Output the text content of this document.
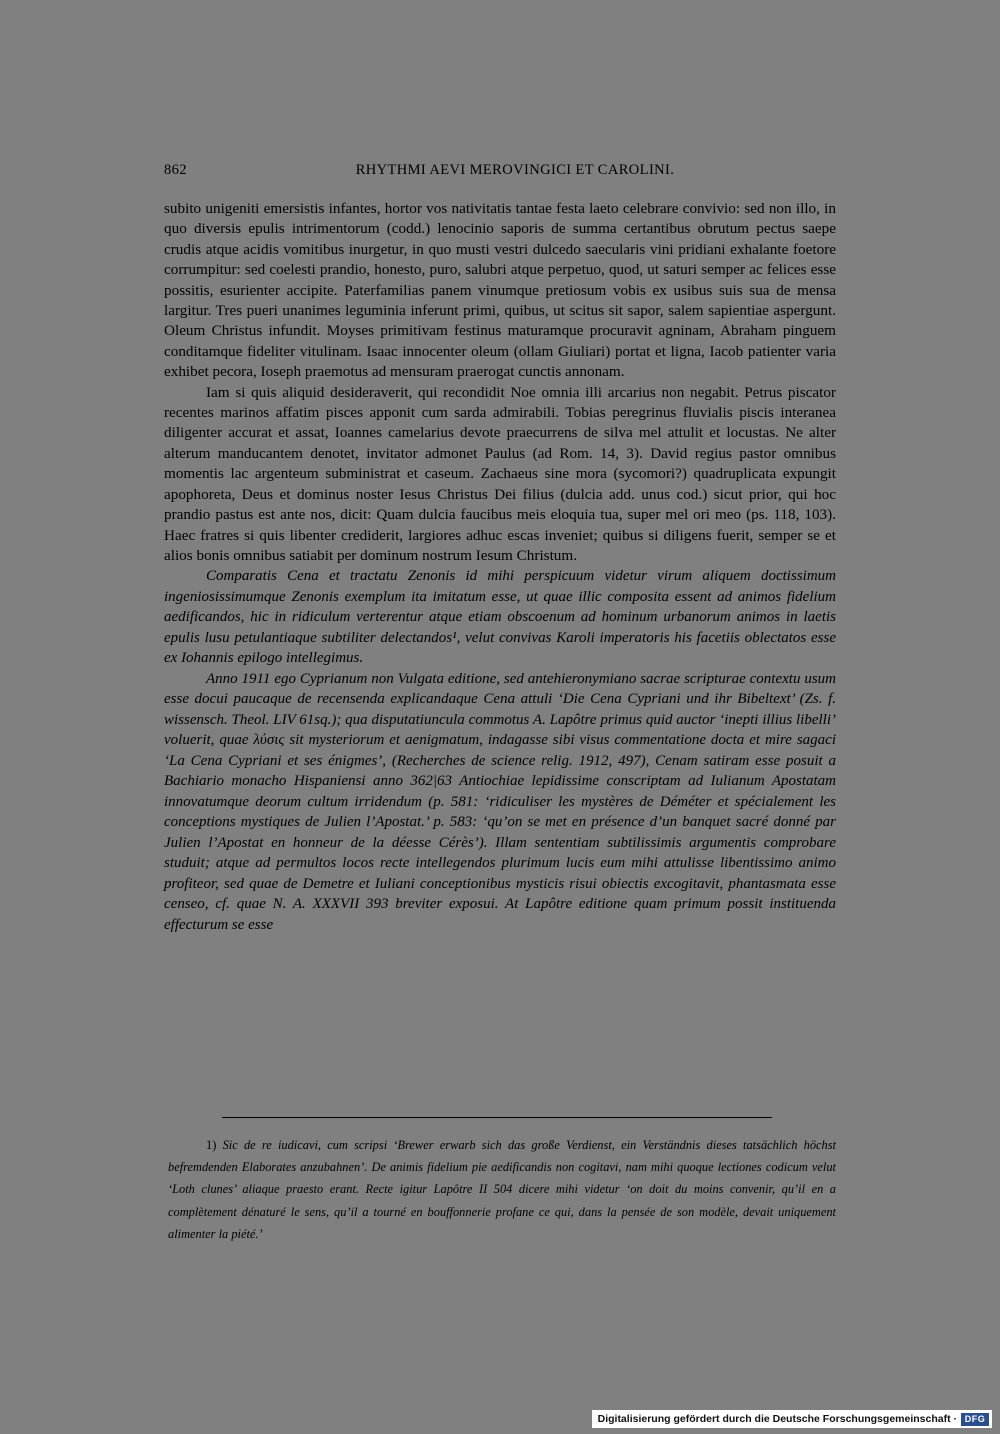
862	RHYTHMI AEVI MEROVINGICI ET CAROLINI.

subito unigeniti emersistis infantes, hortor vos nativitatis tantae festa laeto celebrare convivio: sed non illo, in quo diversis epulis intrimentorum (codd.) lenocinio saporis de summa certantibus obrutum pectus saepe crudis atque acidis vomitibus inurgetur, in quo musti vestri dulcedo saecularis vini pridiani exhalante foetore corrumpitur: sed coelesti prandio, honesto, puro, salubri atque perpetuo, quod, ut saturi semper ac felices esse possitis, esurienter accipite. Paterfamilias panem vinumque pretiosum vobis ex usibus suis sua de mensa largitur. Tres pueri unanimes leguminia inferunt primi, quibus, ut scitus sit sapor, salem sapientiae aspergunt. Oleum Christus infundit. Moyses primitivam festinus maturamque procuravit agninam, Abraham pinguem conditamque fideliter vitulinam. Isaac innocenter oleum (ollam Giuliari) portat et ligna, Iacob patienter varia exhibet pecora, Ioseph praemotus ad mensuram praerogat cunctis annonam.

Iam si quis aliquid desideraverit, qui recondidit Noe omnia illi arcarius non negabit. Petrus piscator recentes marinos affatim pisces apponit cum sarda admirabili. Tobias peregrinus fluvialis piscis interanea diligenter accurat et assat, Ioannes camelarius devote praecurrens de silva mel attulit et locustas. Ne alter alterum manducantem denotet, invitator admonet Paulus (ad Rom. 14, 3). David regius pastor omnibus momentis lac argenteum subministrat et caseum. Zachaeus sine mora (sycomori?) quadruplicata expungit apophoreta, Deus et dominus noster Iesus Christus Dei filius (dulcia add. unus cod.) sicut prior, qui hoc prandio pastus est ante nos, dicit: Quam dulcia faucibus meis eloquia tua, super mel ori meo (ps. 118, 103). Haec fratres si quis libenter crediderit, largiores adhuc escas inveniet; quibus si diligens fuerit, semper se et alios bonis omnibus satiabit per dominum nostrum Iesum Christum.

Comparatis Cena et tractatu Zenonis id mihi perspicuum videtur virum aliquem doctissimum ingeniosissimumque Zenonis exemplum ita imitatum esse, ut quae illic composita essent ad animos fidelium aedificandos, hic in ridiculum verterentur atque etiam obscoenum ad hominum urbanorum animos in laetis epulis lusu petulantiaque subtiliter delectandos¹, velut convivas Karoli imperatoris his facetiis oblectatos esse ex Iohannis epilogo intellegimus.

Anno 1911 ego Cyprianum non Vulgata editione, sed antehieronymiano sacrae scripturae contextu usum esse docui paucaque de recensenda explicandaque Cena attuli ‘Die Cena Cypriani und ihr Bibeltext’ (Zs. f. wissensch. Theol. LIV 61sq.); qua disputatiuncula commotus A. Lapôtre primus quid auctor ‘inepti illius libelli’ voluerit, quae λύσις sit mysteriorum et aenigmatum, indagasse sibi visus commentatione docta et mire sagaci ‘La Cena Cypriani et ses énigmes’, (Recherches de science relig. 1912, 497), Cenam satiram esse posuit a Bachiario monacho Hispaniensi anno 362|63 Antiochiae lepidissime conscriptam ad Iulianum Apostatam innovatumque deorum cultum irridendum (p. 581: ‘ridiculiser les mystères de Déméter et spécialement les conceptions mystiques de Julien l’Apostat.’ p. 583: ‘qu’on se met en présence d’un banquet sacré donné par Julien l’Apostat en honneur de la déesse Cérès’). Illam sententiam subtilissimis argumentis comprobare studuit; atque ad permultos locos recte intellegendos plurimum lucis eum mihi attulisse libentissimo animo profiteor, sed quae de Demetre et Iuliani conceptionibus mysticis risui obiectis excogitavit, phantasmata esse censeo, cf. quae N. A. XXXVII 393 breviter exposui. At Lapôtre editione quam primum possit instituenda effecturum se esse

1) Sic de re iudicavi, cum scripsi ‘Brewer erwarb sich das große Verdienst, ein Verständnis dieses tatsächlich höchst befremdenden Elaborates anzubahnen’. De animis fidelium pie aedificandis non cogitavi, nam mihi quoque lectiones codicum velut ‘Loth clunes’ aliaque praesto erant. Recte igitur Lapôtre II 504 dicere mihi videtur ‘on doit du moins convenir, qu’il en a complètement dénaturé le sens, qu’il a tourné en bouffonnerie profane ce qui, dans la pensée de son modèle, devait uniquement alimenter la piété.’
Digitalisierung gefördert durch die Deutsche Forschungsgemeinschaft · DFG
